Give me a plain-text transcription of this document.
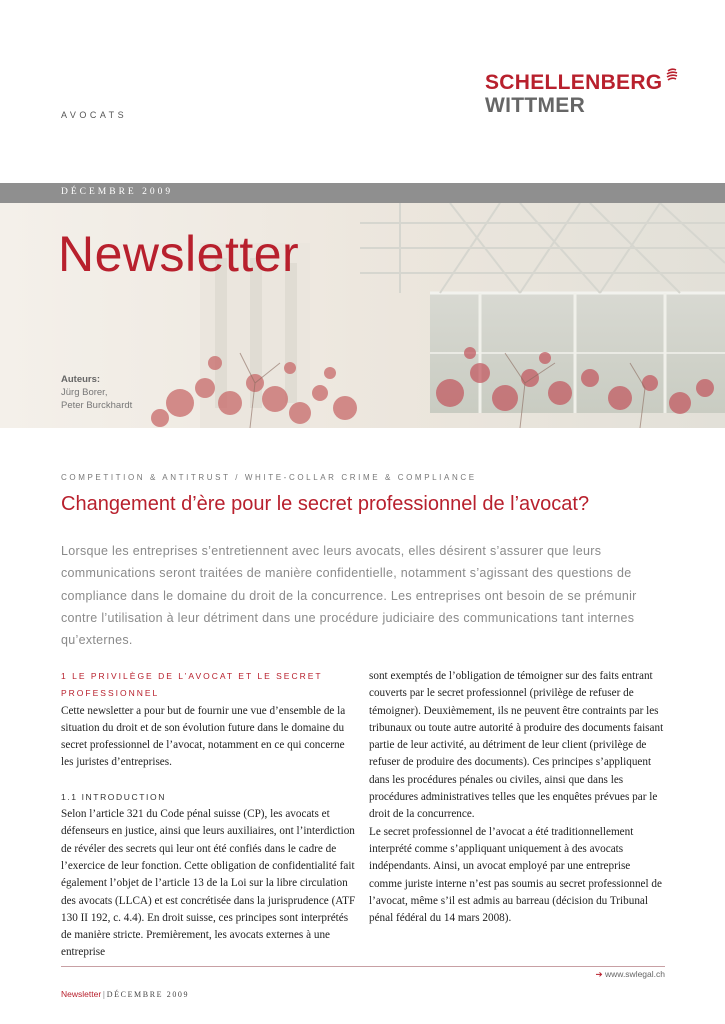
AVOCATS
SCHELLENBERG
WITTMER
DÉCEMBRE 2009
Newsletter
Auteurs:
Jürg Borer,
Peter Burckhardt
COMPETITION & ANTITRUST / WHITE-COLLAR CRIME & COMPLIANCE
Changement d’ère pour le secret professionnel de l’avocat?
Lorsque les entreprises s’entretiennent avec leurs avocats, elles désirent s’assurer que leurs communications seront traitées de manière confidentielle, notamment s’agissant des questions de compliance dans le domaine du droit de la concurrence. Les entreprises ont besoin de se prémunir contre l’utilisation à leur détriment dans une procédure judiciaire des communications tant internes qu’externes.

1 LE PRIVILÈGE DE L’AVOCAT ET LE SECRET PROFESSIONNEL

Cette newsletter a pour but de fournir une vue d’ensemble de la situation du droit et de son évolution future dans le domaine du secret professionnel de l’avocat, notamment en ce qui concerne les juristes d’entreprises.

1.1 INTRODUCTION

Selon l’article 321 du Code pénal suisse (CP), les avocats et défenseurs en justice, ainsi que leurs auxiliaires, ont l’interdiction de révéler des secrets qui leur ont été confiés dans le cadre de l’exercice de leur fonction. Cette obligation de confidentialité fait également l’objet de l’article 13 de la Loi sur la libre circulation des avocats (LLCA) et est concrétisée dans la jurisprudence (ATF 130 II 192, c. 4.4). En droit suisse, ces principes sont interprétés de manière stricte. Premièrement, les avocats externes à une entreprise

sont exemptés de l’obligation de témoigner sur des faits entrant couverts par le secret professionnel (privilège de refuser de témoigner). Deuxièmement, ils ne peuvent être contraints par les tribunaux ou toute autre autorité à produire des documents faisant partie de leur activité, au détriment de leur client (privilège de refuser de produire des documents). Ces principes s’appliquent dans les procédures pénales ou civiles, ainsi que dans les procédures administratives telles que les enquêtes prévues par le droit de la concurrence.

Le secret professionnel de l’avocat a été traditionnellement interprété comme s’appliquant uniquement à des avocats indépendants. Ainsi, un avocat employé par une entreprise comme juriste interne n’est pas soumis au secret professionnel de l’avocat, même s’il est admis au barreau (décision du Tribunal pénal fédéral du 14 mars 2008).

➔ www.swlegal.ch
Newsletter | DÉCEMBRE 2009
